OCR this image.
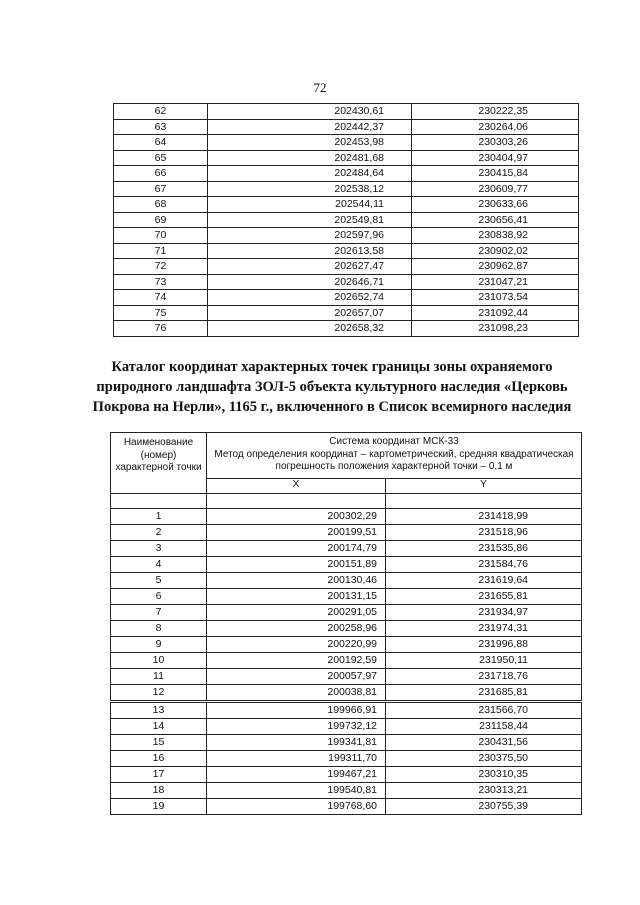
72
62	202430,61	230222,35
63	202442,37	230264,06
64	202453,98	230303,26
65	202481,68	230404,97
66	202484,64	230415,84
67	202538,12	230609,77
68	202544,11	230633,66
69	202549,81	230656,41
70	202597,96	230838,92
71	202613,58	230902,02
72	202627,47	230962,87
73	202646,71	231047,21
74	202652,74	231073,54
75	202657,07	231092,44
76	202658,32	231098,23
Каталог координат характерных точек границы зоны охраняемого природного ландшафта ЗОЛ-5 объекта культурного наследия «Церковь Покрова на Нерли», 1165 г., включенного в Список всемирного наследия
Наименование (номер) характерной точки	Система координат МСК-33
Метод определения координат – картометрический, средняя квадратическая погрешность положения характерной точки – 0,1 м	

	X	Y

1	200302,29	231418,99
2	200199,51	231518,96
3	200174,79	231535,86
4	200151,89	231584,76
5	200130,46	231619,64
6	200131,15	231655,81
7	200291,05	231934,97
8	200258,96	231974,31
9	200220,99	231996,88
10	200192,59	231950,11
11	200057,97	231718,76
12	200038,81	231685,81
13	199966,91	231566,70
14	199732,12	231158,44
15	199341,81	230431,56
16	199311,70	230375,50
17	199467,21	230310,35
18	199540,81	230313,21
19	199768,60	230755,39
